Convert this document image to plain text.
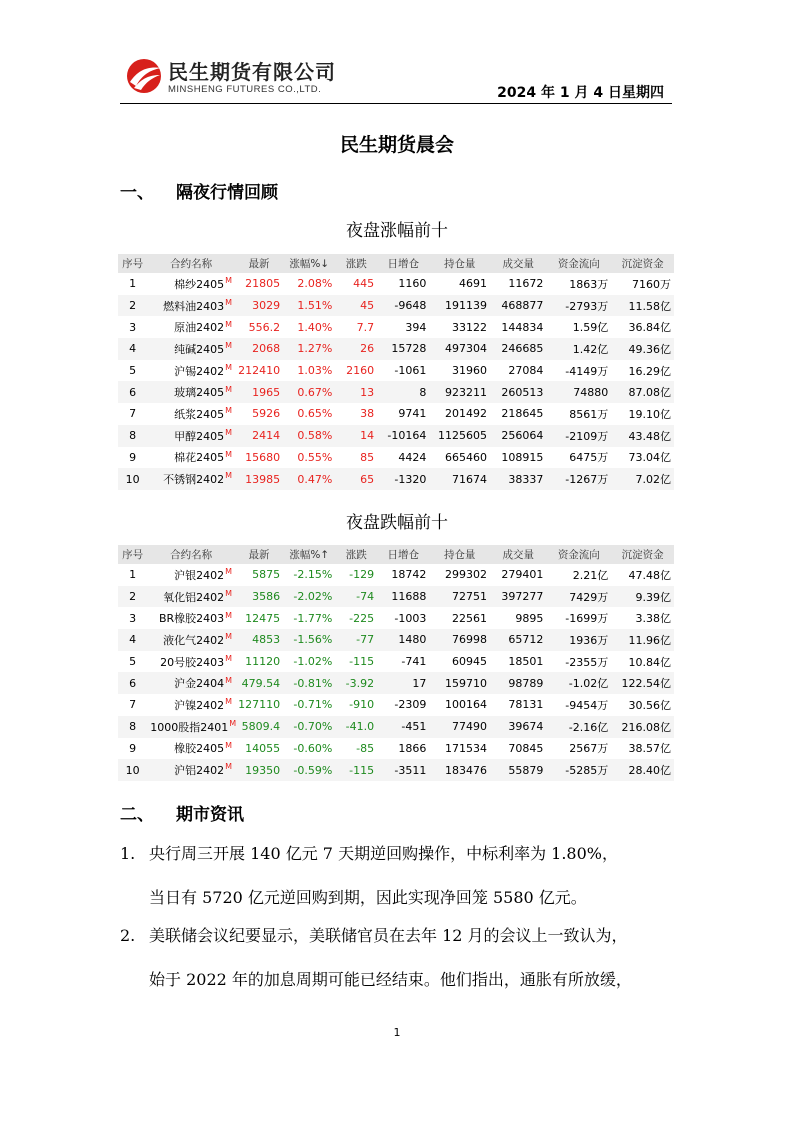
民生期货有限公司
MINSHENG FUTURES CO.,LTD.	2024 年 1 月 4 日星期四
民生期货晨会
一、 隔夜行情回顾
夜盘涨幅前十
序号	合约名称	最新	涨幅%↓	涨跌	日增仓	持仓量	成交量	资金流向	沉淀资金
1	棉纱$2405^M$	21805	2.08%	445	1160	4691	11672	1863万	7160万
2	燃料油$2403^M$	3029	1.51%	45	-9648	191139	468877	-2793万	11.58亿
3	原油$2402^M$	556.2	1.40%	7.7	394	33122	144834	1.59亿	36.84亿
4	纯碱$2405^M$	2068	1.27%	26	15728	497304	246685	1.42亿	49.36亿
5	沪锡$2402^M$	212410	1.03%	2160	-1061	31960	27084	-4149万	16.29亿
6	玻璃$2405^M$	1965	0.67%	13	8	923211	260513	74880	87.08亿
7	纸浆$2405^M$	5926	0.65%	38	9741	201492	218645	8561万	19.10亿
8	甲醇$2405^M$	2414	0.58%	14	-10164	1125605	256064	-2109万	43.48亿
9	棉花$2405^M$	15680	0.55%	85	4424	665460	108915	6475万	73.04亿
10	不锈钢$2402^M$	13985	0.47%	65	-1320	71674	38337	-1267万	7.02亿
夜盘跌幅前十
序号	合约名称	最新	涨幅%↑	涨跌	日增仓	持仓量	成交量	资金流向	沉淀资金
1	沪银$2402^M$	5875	-2.15%	-129	18742	299302	279401	2.21亿	47.48亿
2	氧化铝$2402^M$	3586	-2.02%	-74	11688	72751	397277	7429万	9.39亿
3	BR橡胶$2403^M$	12475	-1.77%	-225	-1003	22561	9895	-1699万	3.38亿
4	液化气$2402^M$	4853	-1.56%	-77	1480	76998	65712	1936万	11.96亿
5	20号胶$2403^M$	11120	-1.02%	-115	-741	60945	18501	-2355万	10.84亿
6	沪金$2404^M$	479.54	-0.81%	-3.92	17	159710	98789	-1.02亿	122.54亿
7	沪镍$2402^M$	127110	-0.71%	-910	-2309	100164	78131	-9454万	30.56亿
8	1000股指$2401^M$	5809.4	-0.70%	-41.0	-451	77490	39674	-2.16亿	216.08亿
9	橡胶$2405^M$	14055	-0.60%	-85	1866	171534	70845	2567万	38.57亿
10	沪铝$2402^M$	19350	-0.59%	-115	-3511	183476	55879	-5285万	28.40亿
二、 期市资讯
1. 央行周三开展 140 亿元 7 天期逆回购操作，中标利率为 1.80%，
当日有 5720 亿元逆回购到期，因此实现净回笼 5580 亿元。
2. 美联储会议纪要显示，美联储官员在去年 12 月的会议上一致认为，
始于 2022 年的加息周期可能已经结束。他们指出，通胀有所放缓，
1
